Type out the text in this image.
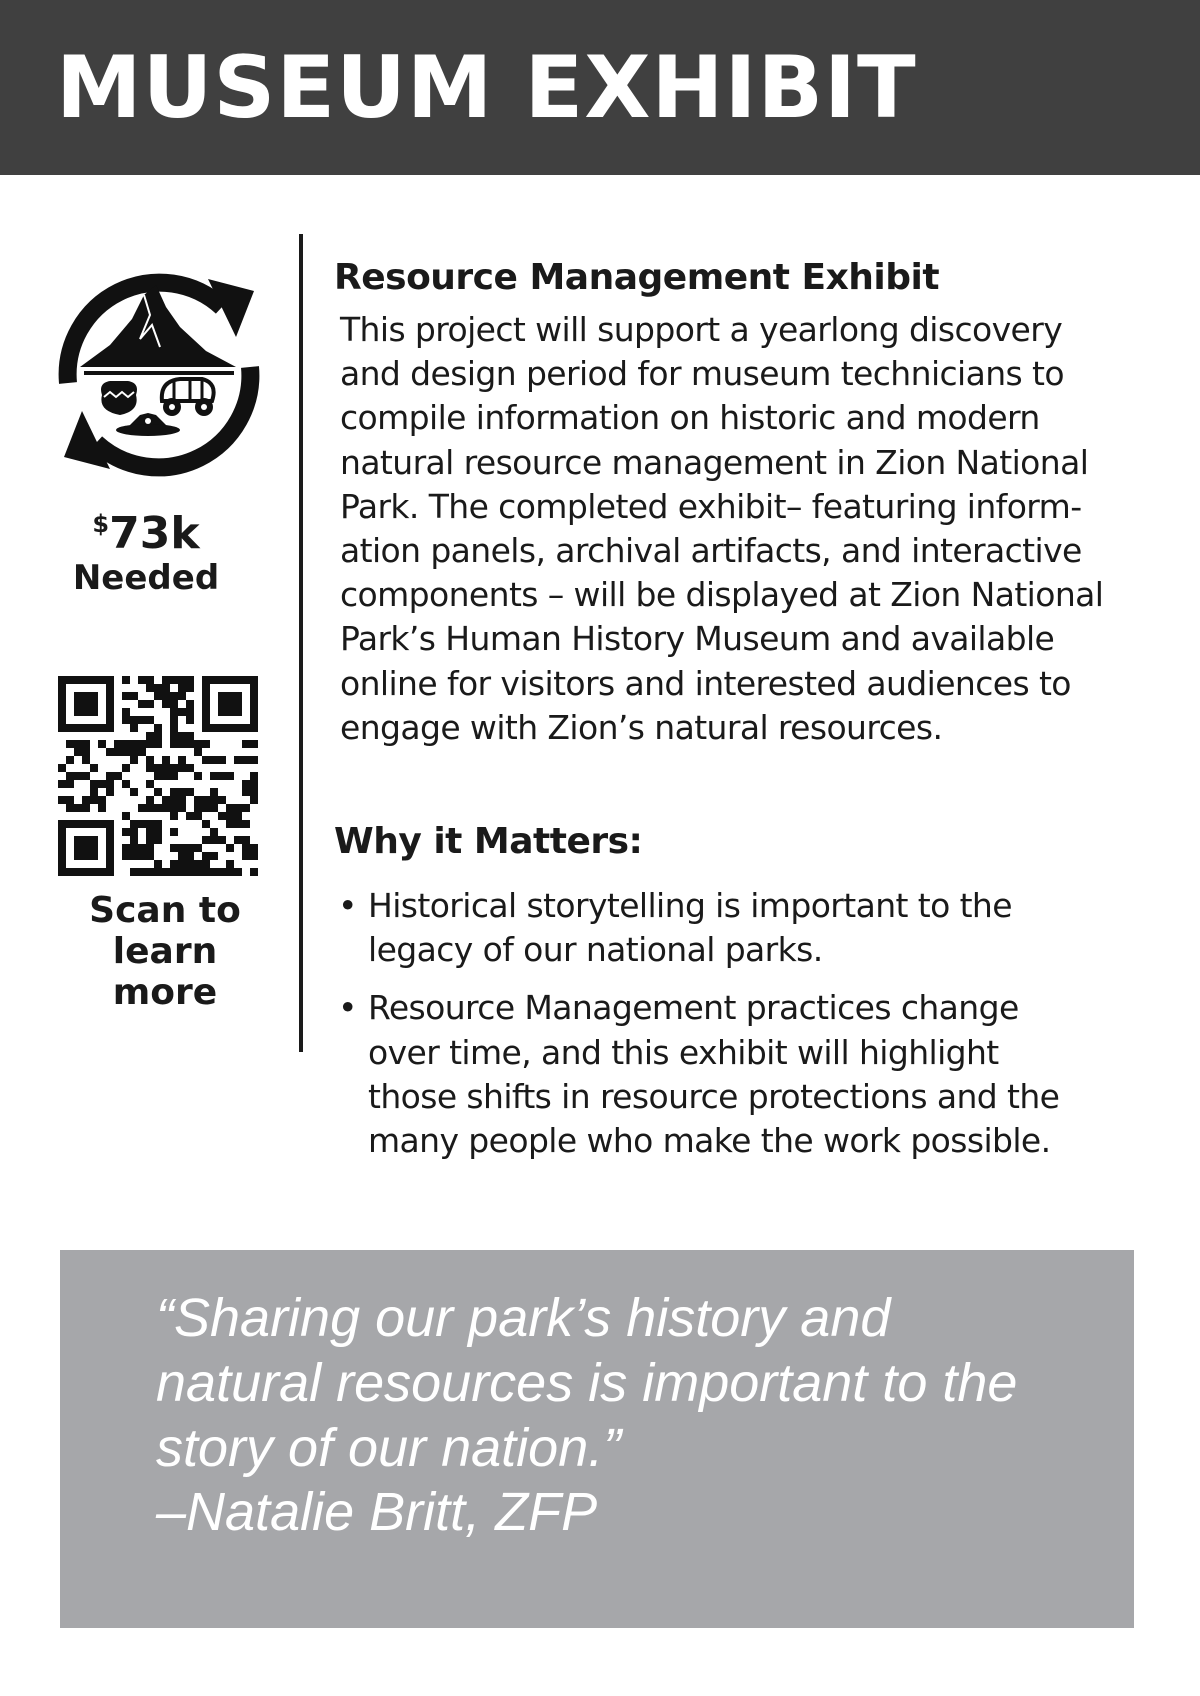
MUSEUM EXHIBIT
$73k
Needed
Scan to
learn
more
Resource Management Exhibit

This project will support a yearlong discovery
and design period for museum technicians to
compile information on historic and modern
natural resource management in Zion National
Park. The completed exhibit– featuring inform-
ation panels, archival artifacts, and interactive
components – will be displayed at Zion National
Park’s Human History Museum and available
online for visitors and interested audiences to
engage with Zion’s natural resources.

Why it Matters:
• Historical storytelling is important to the
legacy of our national parks.
• Resource Management practices change
over time, and this exhibit will highlight
those shifts in resource protections and the
many people who make the work possible.

“Sharing our park’s history and
natural resources is important to the
story of our nation.”

–Natalie Britt, ZFP
